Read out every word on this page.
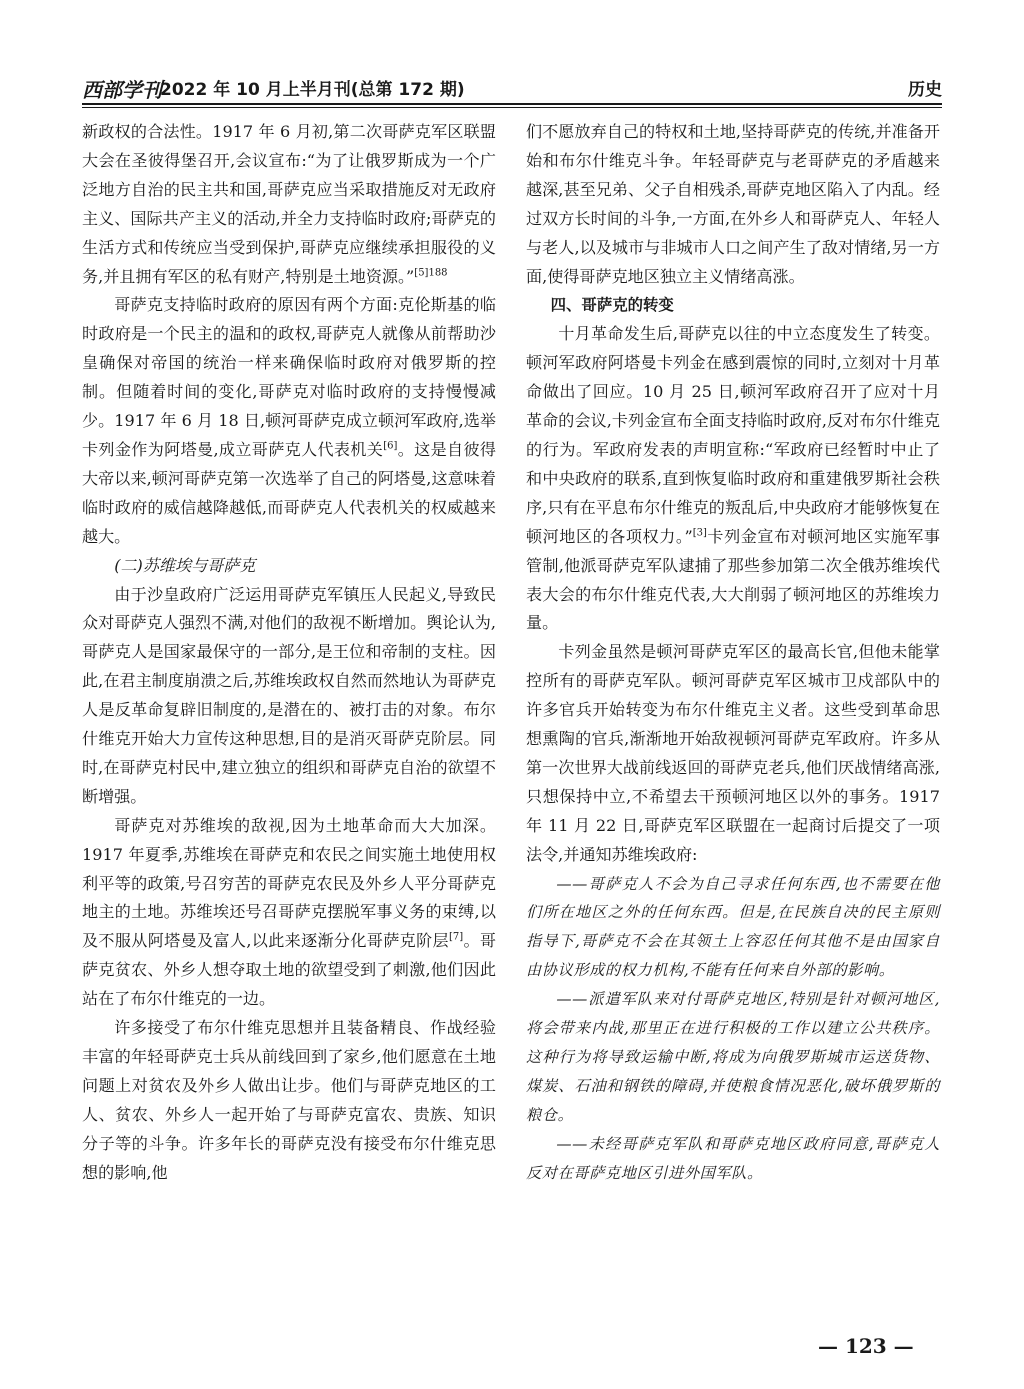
西部学刊
2022 年 10 月上半月刊(总第 172 期)	历史

新政权的合法性。1917 年 6 月初,第二次哥萨克军区联盟大会在圣彼得堡召开,会议宣布:“为了让俄罗斯成为一个广泛地方自治的民主共和国,哥萨克应当采取措施反对无政府主义、国际共产主义的活动,并全力支持临时政府;哥萨克的生活方式和传统应当受到保护,哥萨克应继续承担服役的义务,并且拥有军区的私有财产,特别是土地资源。”$^{[5]188}$

哥萨克支持临时政府的原因有两个方面:克伦斯基的临时政府是一个民主的温和的政权,哥萨克人就像从前帮助沙皇确保对帝国的统治一样来确保临时政府对俄罗斯的控制。但随着时间的变化,哥萨克对临时政府的支持慢慢减少。1917 年 6 月 18 日,顿河哥萨克成立顿河军政府,选举卡列金作为阿塔曼,成立哥萨克人代表机关[6]。这是自彼得大帝以来,顿河哥萨克第一次选举了自己的阿塔曼,这意味着临时政府的威信越降越低,而哥萨克人代表机关的权威越来越大。

(二)苏维埃与哥萨克

由于沙皇政府广泛运用哥萨克军镇压人民起义,导致民众对哥萨克人强烈不满,对他们的敌视不断增加。舆论认为,哥萨克人是国家最保守的一部分,是王位和帝制的支柱。因此,在君主制度崩溃之后,苏维埃政权自然而然地认为哥萨克人是反革命复辟旧制度的,是潜在的、被打击的对象。布尔什维克开始大力宣传这种思想,目的是消灭哥萨克阶层。同时,在哥萨克村民中,建立独立的组织和哥萨克自治的欲望不断增强。

哥萨克对苏维埃的敌视,因为土地革命而大大加深。1917 年夏季,苏维埃在哥萨克和农民之间实施土地使用权利平等的政策,号召穷苦的哥萨克农民及外乡人平分哥萨克地主的土地。苏维埃还号召哥萨克摆脱军事义务的束缚,以及不服从阿塔曼及富人,以此来逐渐分化哥萨克阶层[7]。哥萨克贫农、外乡人想夺取土地的欲望受到了刺激,他们因此站在了布尔什维克的一边。

许多接受了布尔什维克思想并且装备精良、作战经验丰富的年轻哥萨克士兵从前线回到了家乡,他们愿意在土地问题上对贫农及外乡人做出让步。他们与哥萨克地区的工人、贫农、外乡人一起开始了与哥萨克富农、贵族、知识分子等的斗争。许多年长的哥萨克没有接受布尔什维克思想的影响,他

们不愿放弃自己的特权和土地,坚持哥萨克的传统,并准备开始和布尔什维克斗争。年轻哥萨克与老哥萨克的矛盾越来越深,甚至兄弟、父子自相残杀,哥萨克地区陷入了内乱。经过双方长时间的斗争,一方面,在外乡人和哥萨克人、年轻人与老人,以及城市与非城市人口之间产生了敌对情绪,另一方面,使得哥萨克地区独立主义情绪高涨。

四、哥萨克的转变

十月革命发生后,哥萨克以往的中立态度发生了转变。顿河军政府阿塔曼卡列金在感到震惊的同时,立刻对十月革命做出了回应。10 月 25 日,顿河军政府召开了应对十月革命的会议,卡列金宣布全面支持临时政府,反对布尔什维克的行为。军政府发表的声明宣称:“军政府已经暂时中止了和中央政府的联系,直到恢复临时政府和重建俄罗斯社会秩序,只有在平息布尔什维克的叛乱后,中央政府才能够恢复在顿河地区的各项权力。”[3]卡列金宣布对顿河地区实施军事管制,他派哥萨克军队逮捕了那些参加第二次全俄苏维埃代表大会的布尔什维克代表,大大削弱了顿河地区的苏维埃力量。

卡列金虽然是顿河哥萨克军区的最高长官,但他未能掌控所有的哥萨克军队。顿河哥萨克军区城市卫戍部队中的许多官兵开始转变为布尔什维克主义者。这些受到革命思想熏陶的官兵,渐渐地开始敌视顿河哥萨克军政府。许多从第一次世界大战前线返回的哥萨克老兵,他们厌战情绪高涨,只想保持中立,不希望去干预顿河地区以外的事务。1917 年 11 月 22 日,哥萨克军区联盟在一起商讨后提交了一项法令,并通知苏维埃政府:

——哥萨克人不会为自己寻求任何东西,也不需要在他们所在地区之外的任何东西。但是,在民族自决的民主原则指导下,哥萨克不会在其领土上容忍任何其他不是由国家自由协议形成的权力机构,不能有任何来自外部的影响。

——派遣军队来对付哥萨克地区,特别是针对顿河地区,将会带来内战,那里正在进行积极的工作以建立公共秩序。这种行为将导致运输中断,将成为向俄罗斯城市运送货物、煤炭、石油和钢铁的障碍,并使粮食情况恶化,破坏俄罗斯的粮仓。

——未经哥萨克军队和哥萨克地区政府同意,哥萨克人反对在哥萨克地区引进外国军队。

— 123 —
